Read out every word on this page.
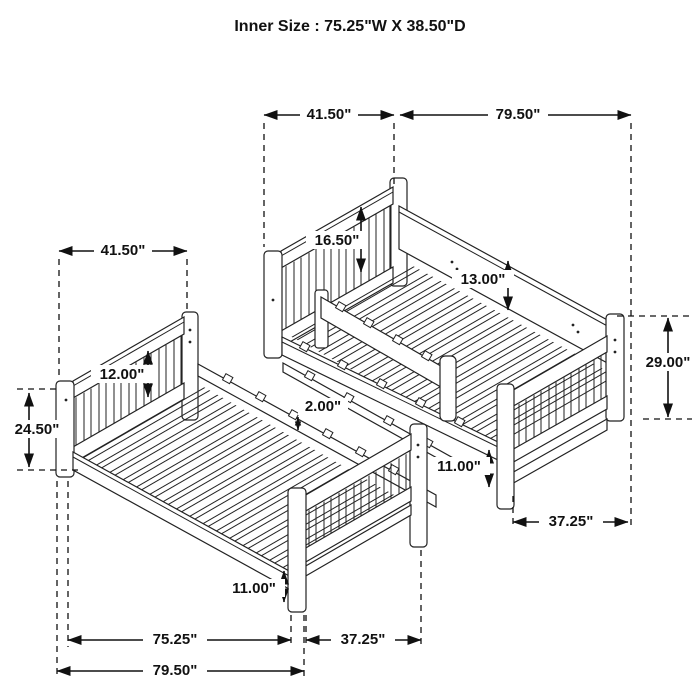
Inner Size : 75.25"W X 38.50"D
41.50"	79.50"
41.50"
16.50"
13.00"
29.00"
11.00"
37.25"
12.00"
24.50"
2.00"
11.00"
75.25"	37.25"
79.50"
